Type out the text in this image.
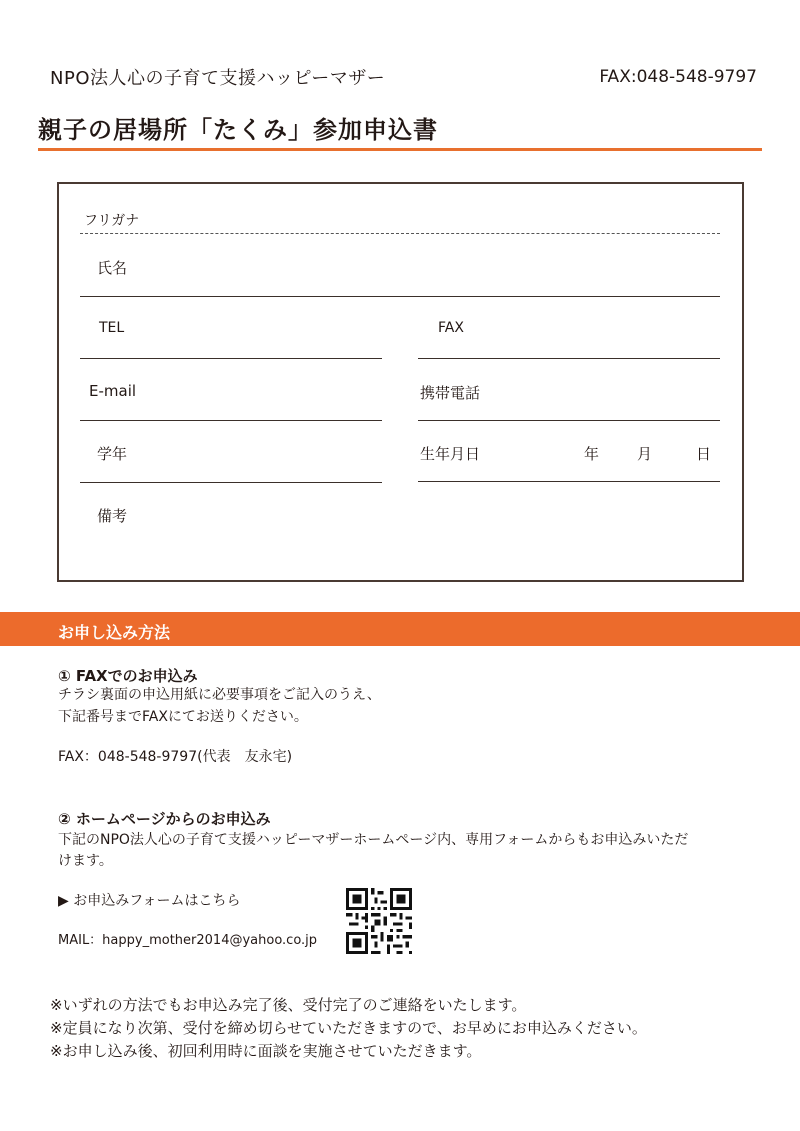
NPO法人心の子育て支援ハッピーマザー	FAX:048-548-9797
親子の居場所「たくみ」参加申込書
フリガナ
氏名
TEL	FAX
E-mail	携帯電話
学年	生年月日	年	月	日
備考
お申し込み方法
① FAXでのお申込み
チラシ裏面の申込用紙に必要事項をご記入のうえ、
下記番号までFAXにてお送りください。
FAX：048-548-9797(代表　友永宅)
② ホームページからのお申込み
下記のNPO法人心の子育て支援ハッピーマザーホームページ内、専用フォームからもお申込みいただ
けます。
▶ お申込みフォームはこちら
MAIL：happy_mother2014@yahoo.co.jp
※いずれの方法でもお申込み完了後、受付完了のご連絡をいたします。
※定員になり次第、受付を締め切らせていただきますので、お早めにお申込みください。
※お申し込み後、初回利用時に面談を実施させていただきます。
